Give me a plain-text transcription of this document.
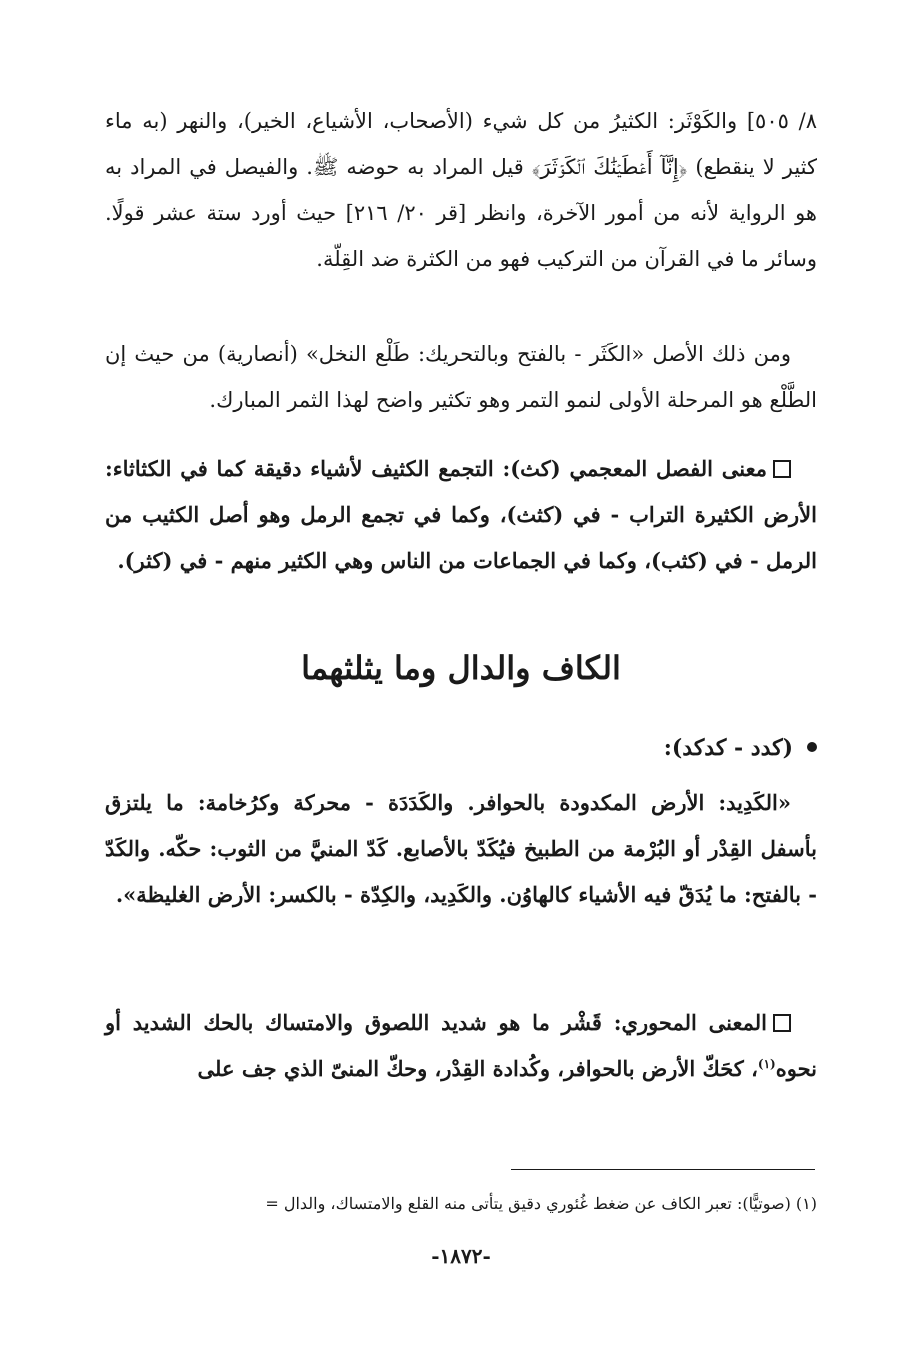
٨/ ٥٠٥] والكَوْثَر: الكثيرُ من كل شيء (الأصحاب، الأشياع، الخير)، والنهر (به ماء كثير لا ينقطع) ﴿إِنَّآ أَعۡطَيۡنَٰكَ ٱلۡكَوۡثَرَ﴾ قيل المراد به حوضه ﷺ. والفيصل في المراد به هو الرواية لأنه من أمور الآخرة، وانظر [قر ٢٠/ ٢١٦] حيث أورد ستة عشر قولًا. وسائر ما في القرآن من التركيب فهو من الكثرة ضد القِلّة.

ومن ذلك الأصل «الكَثَر - بالفتح وبالتحريك: طَلْع النخل» (أنصارية) من حيث إن الطَّلْع هو المرحلة الأولى لنمو التمر وهو تكثير واضح لهذا الثمر المبارك.

معنى الفصل المعجمي (كث): التجمع الكثيف لأشياء دقيقة كما في الكثاثاء: الأرض الكثيرة التراب - في (كثث)، وكما في تجمع الرمل وهو أصل الكثيب من الرمل - في (كثب)، وكما في الجماعات من الناس وهي الكثير منهم - في (كثر).

الكاف والدال وما يثلثهما
(كدد - كدكد):

«الكَدِيد: الأرض المكدودة بالحوافر. والكَدَدَة - محركة وكرُخامة: ما يلتزق بأسفل القِدْر أو البُرْمة من الطبيخ فيُكَدّ بالأصابع. كَدّ المنيَّ من الثوب: حكّه. والكَدّ - بالفتح: ما يُدَقّ فيه الأشياء كالهاوُن. والكَدِيد، والكِدّة - بالكسر: الأرض الغليظة».

المعنى المحوري: قَشْر ما هو شديد اللصوق والامتساك بالحك الشديد أو نحوه$^{(١)}$، كحَكّ الأرض بالحوافر، وكُدادة القِدْر، وحكّ المنىّ الذي جف على

(١) (صوتيًّا): تعبر الكاف عن ضغط غُئوري دقيق يتأتى منه القلع والامتساك، والدال =
-١٨٧٢-
